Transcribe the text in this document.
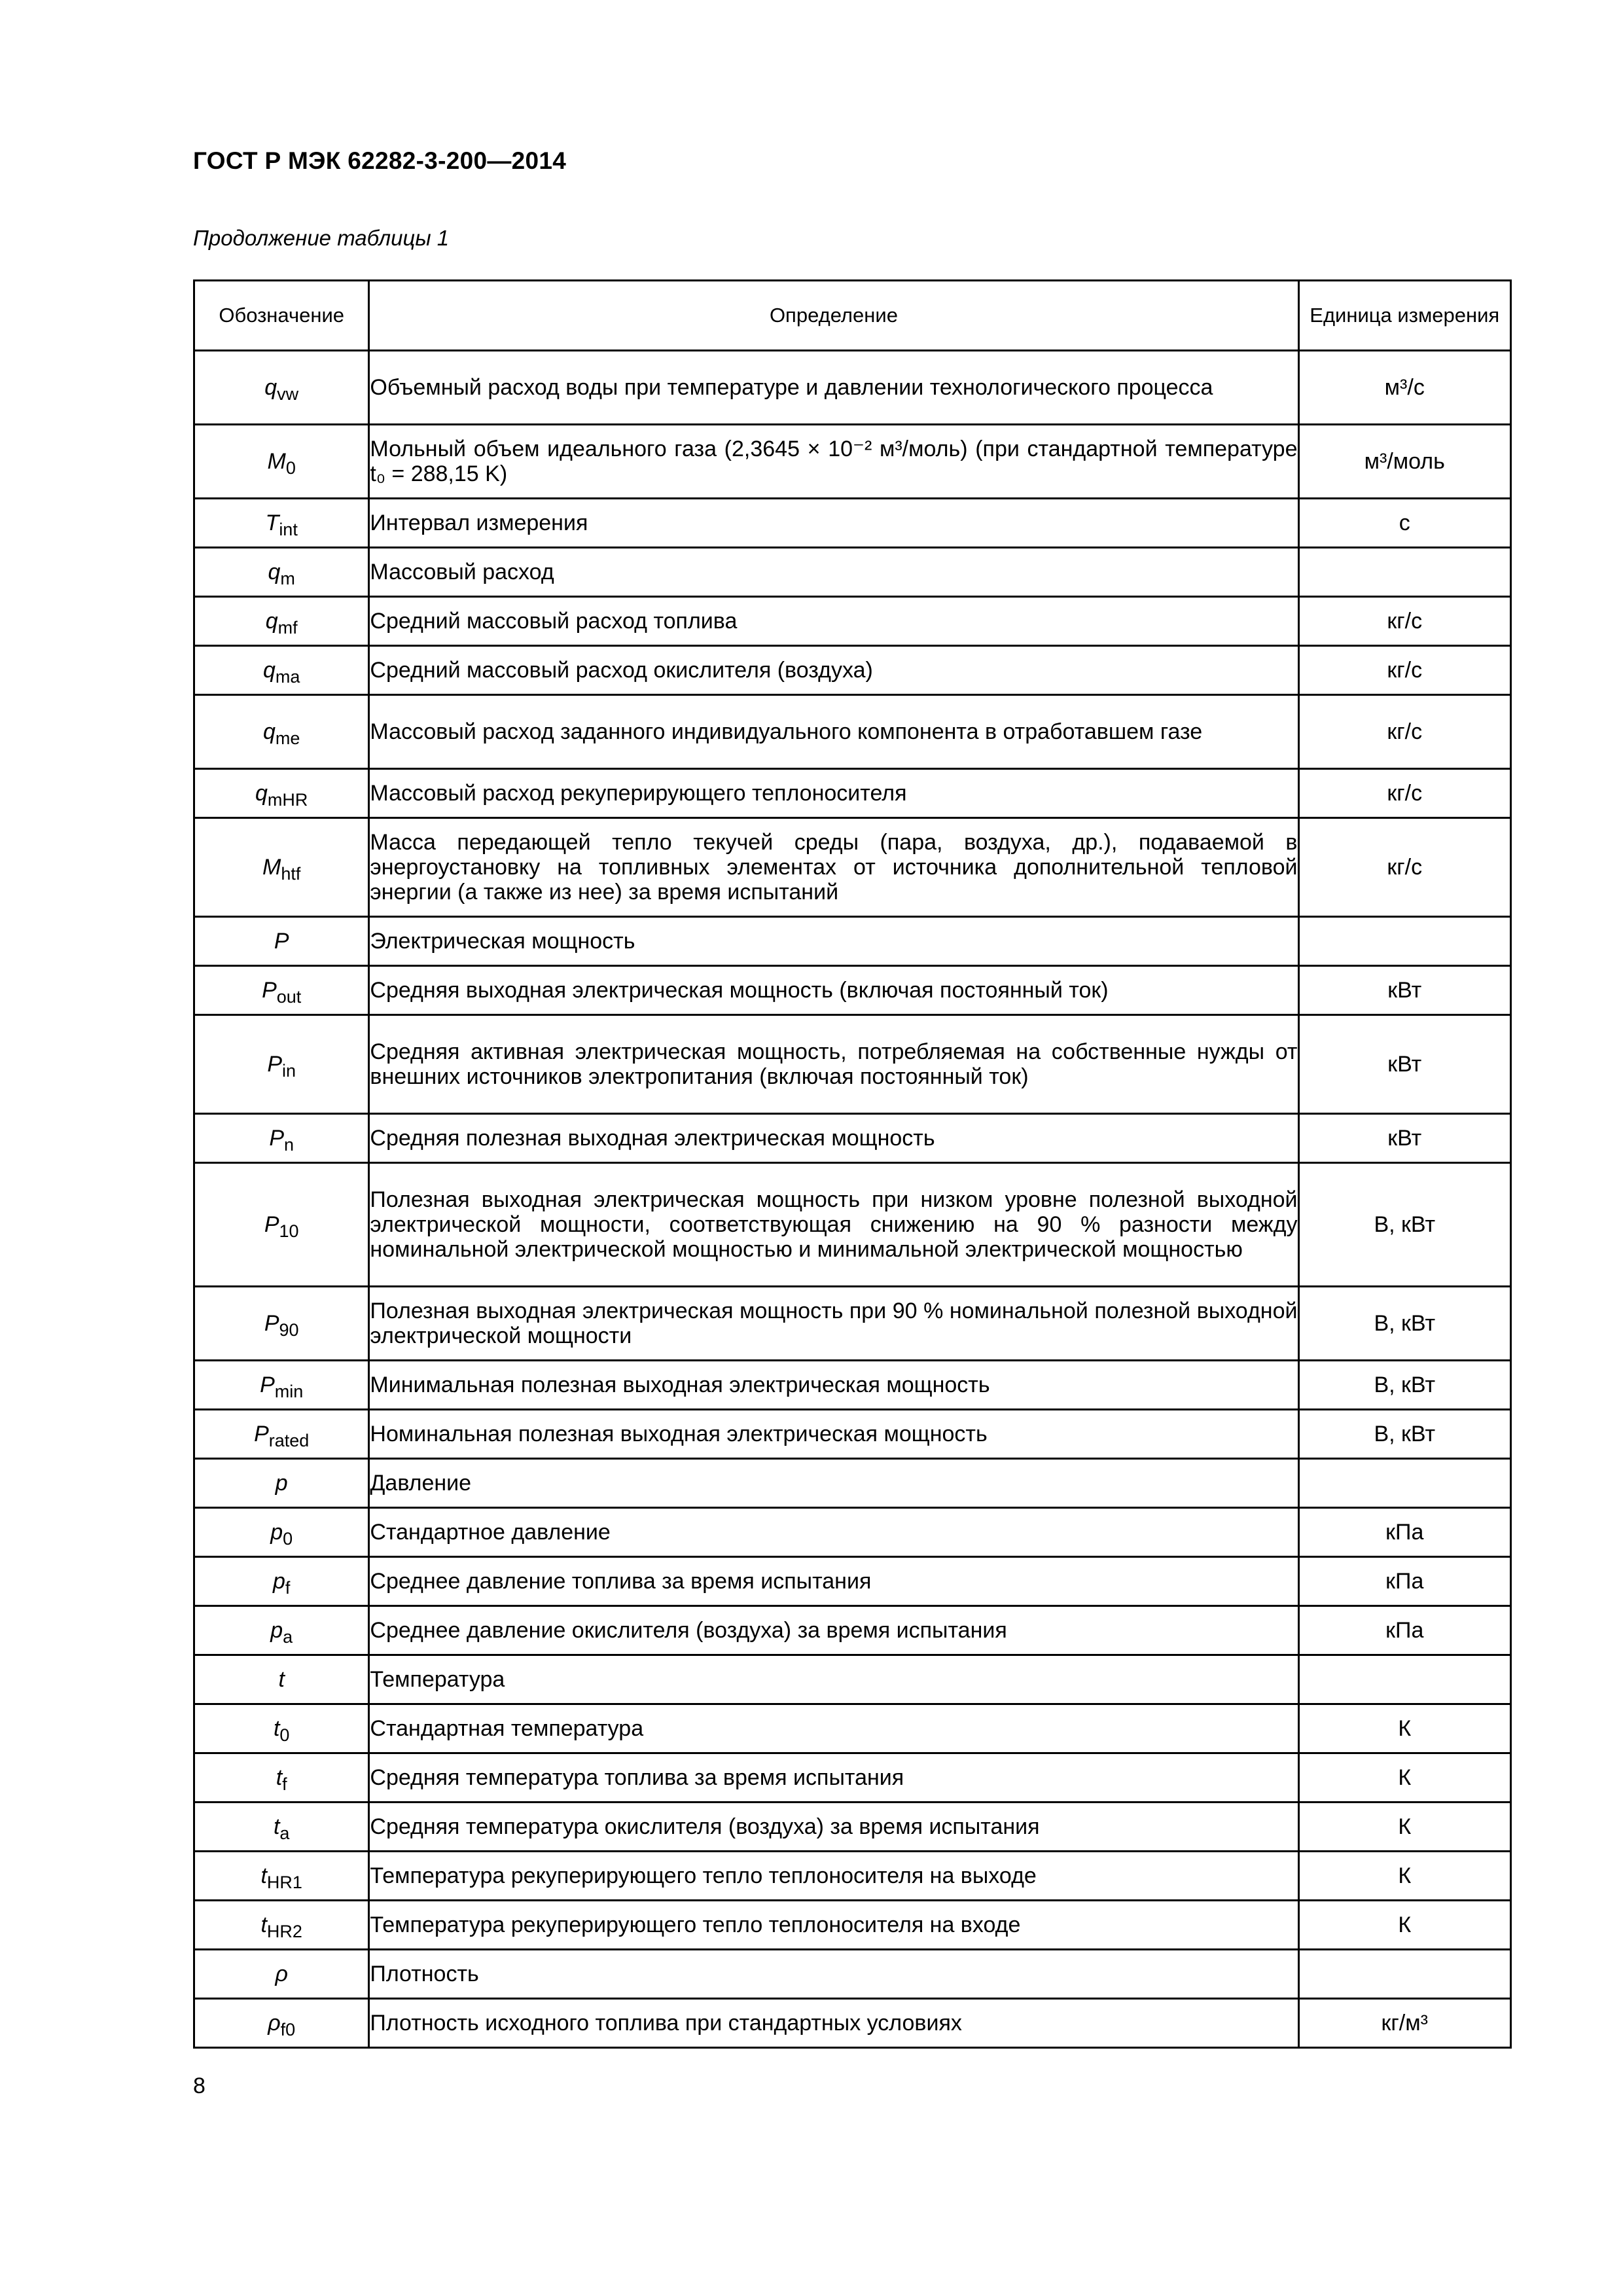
ГОСТ Р МЭК 62282-3-200—2014
Продолжение таблицы 1
Обозначение	Определение	Единица измерения
$q_{vw}$	Объемный расход воды при температуре и давлении технологического процесса	м³/с
$M_0$	Мольный объем идеального газа (2,3645 × 10⁻² м³/моль) (при стандартной температуре t₀ = 288,15 K)	м³/моль
$T_{int}$	Интервал измерения	с
$q_m$	Массовый расход	
$q_{mf}$	Средний массовый расход топлива	кг/с
$q_{ma}$	Средний массовый расход окислителя (воздуха)	кг/с
$q_{me}$	Массовый расход заданного индивидуального компонента в отработавшем газе	кг/с
$q_{mHR}$	Массовый расход рекуперирующего теплоносителя	кг/с
$M_{htf}$	Масса передающей тепло текучей среды (пара, воздуха, др.), подаваемой в энергоустановку на топливных элементах от источника дополнительной тепловой энергии (а также из нее) за время испытаний	кг/с
P	Электрическая мощность	
$P_{out}$	Средняя выходная электрическая мощность (включая постоянный ток)	кВт
$P_{in}$	Средняя активная электрическая мощность, потребляемая на собственные нужды от внешних источников электропитания (включая постоянный ток)	кВт
$P_n$	Средняя полезная выходная электрическая мощность	кВт
$P_{10}$	Полезная выходная электрическая мощность при низком уровне полезной выходной электрической мощности, соответствующая снижению на 90 % разности между номинальной электрической мощностью и минимальной электрической мощностью	В, кВт
$P_{90}$	Полезная выходная электрическая мощность при 90 % номинальной полезной выходной электрической мощности	В, кВт
$P_{min}$	Минимальная полезная выходная электрическая мощность	В, кВт
$P_{rated}$	Номинальная полезная выходная электрическая мощность	В, кВт
p	Давление	
$p_0$	Стандартное давление	кПа
$p_f$	Среднее давление топлива за время испытания	кПа
$p_a$	Среднее давление окислителя (воздуха) за время испытания	кПа
t	Температура	
$t_0$	Стандартная температура	К
$t_f$	Средняя температура топлива за время испытания	К
$t_a$	Средняя температура окислителя (воздуха) за время испытания	К
$t_{HR1}$	Температура рекуперирующего тепло теплоносителя на выходе	К
$t_{HR2}$	Температура рекуперирующего тепло теплоносителя на входе	К
ρ	Плотность	
$\rho_{f0}$	Плотность исходного топлива при стандартных условиях	кг/м³
8
